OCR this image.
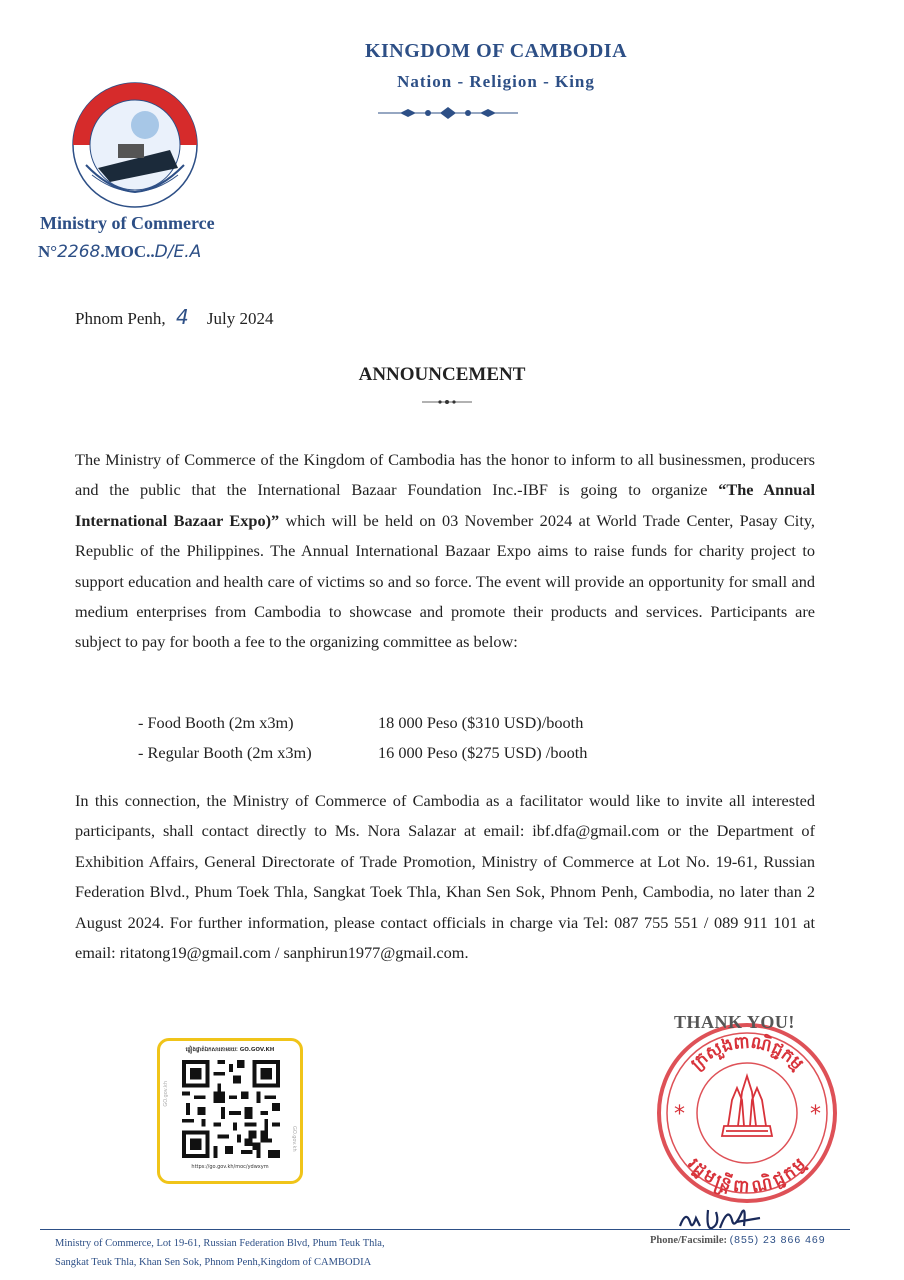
KINGDOM OF CAMBODIA
Nation - Religion - King
Ministry of Commerce
N°2268.MOC..D/E.A
Phnom Penh, 4 July 2024
ANNOUNCEMENT
The Ministry of Commerce of the Kingdom of Cambodia has the honor to inform to all businessmen, producers and the public that the International Bazaar Foundation Inc.-IBF is going to organize “The Annual International Bazaar Expo)” which will be held on 03 November 2024 at World Trade Center, Pasay City, Republic of the Philippines. The Annual International Bazaar Expo aims to raise funds for charity project to support education and health care of victims so and so force. The event will provide an opportunity for small and medium enterprises from Cambodia to showcase and promote their products and services. Participants are subject to pay for booth a fee to the organizing committee as below:
- Food Booth (2m x3m)	18 000 Peso ($310 USD)/booth
- Regular Booth (2m x3m)	16 000 Peso ($275 USD) /booth
In this connection, the Ministry of Commerce of Cambodia as a facilitator would like to invite all interested participants, shall contact directly to Ms. Nora Salazar at email: ibf.dfa@gmail.com or the Department of Exhibition Affairs, General Directorate of Trade Promotion, Ministry of Commerce at Lot No. 19-61, Russian Federation Blvd., Phum Toek Thla, Sangkat Toek Thla, Khan Sen Sok, Phnom Penh, Cambodia, no later than 2 August 2024. For further information, please contact officials in charge via Tel: 087 755 551 / 089 911 101 at email: ritatong19@gmail.com / sanphirun1977@gmail.com.
ផ្ទៀងផ្ទាត់ឯកសារតាមរយៈ GO.GOV.KH
GO.gov.kh
GO.gov.kh
https://go.gov.kh/moc/ydwxym
ក្រសួងពាណិជ្ជកម្ម
រដ្ឋមន្ត្រីពាណិជ្ជកម្ម
*	*
THANK YOU!
Ministry of Commerce, Lot 19-61, Russian Federation Blvd, Phum Teuk Thla,
Sangkat Teuk Thla, Khan Sen Sok, Phnom Penh,Kingdom of CAMBODIA
Phone/Facsimile: (855) 23 866 469
